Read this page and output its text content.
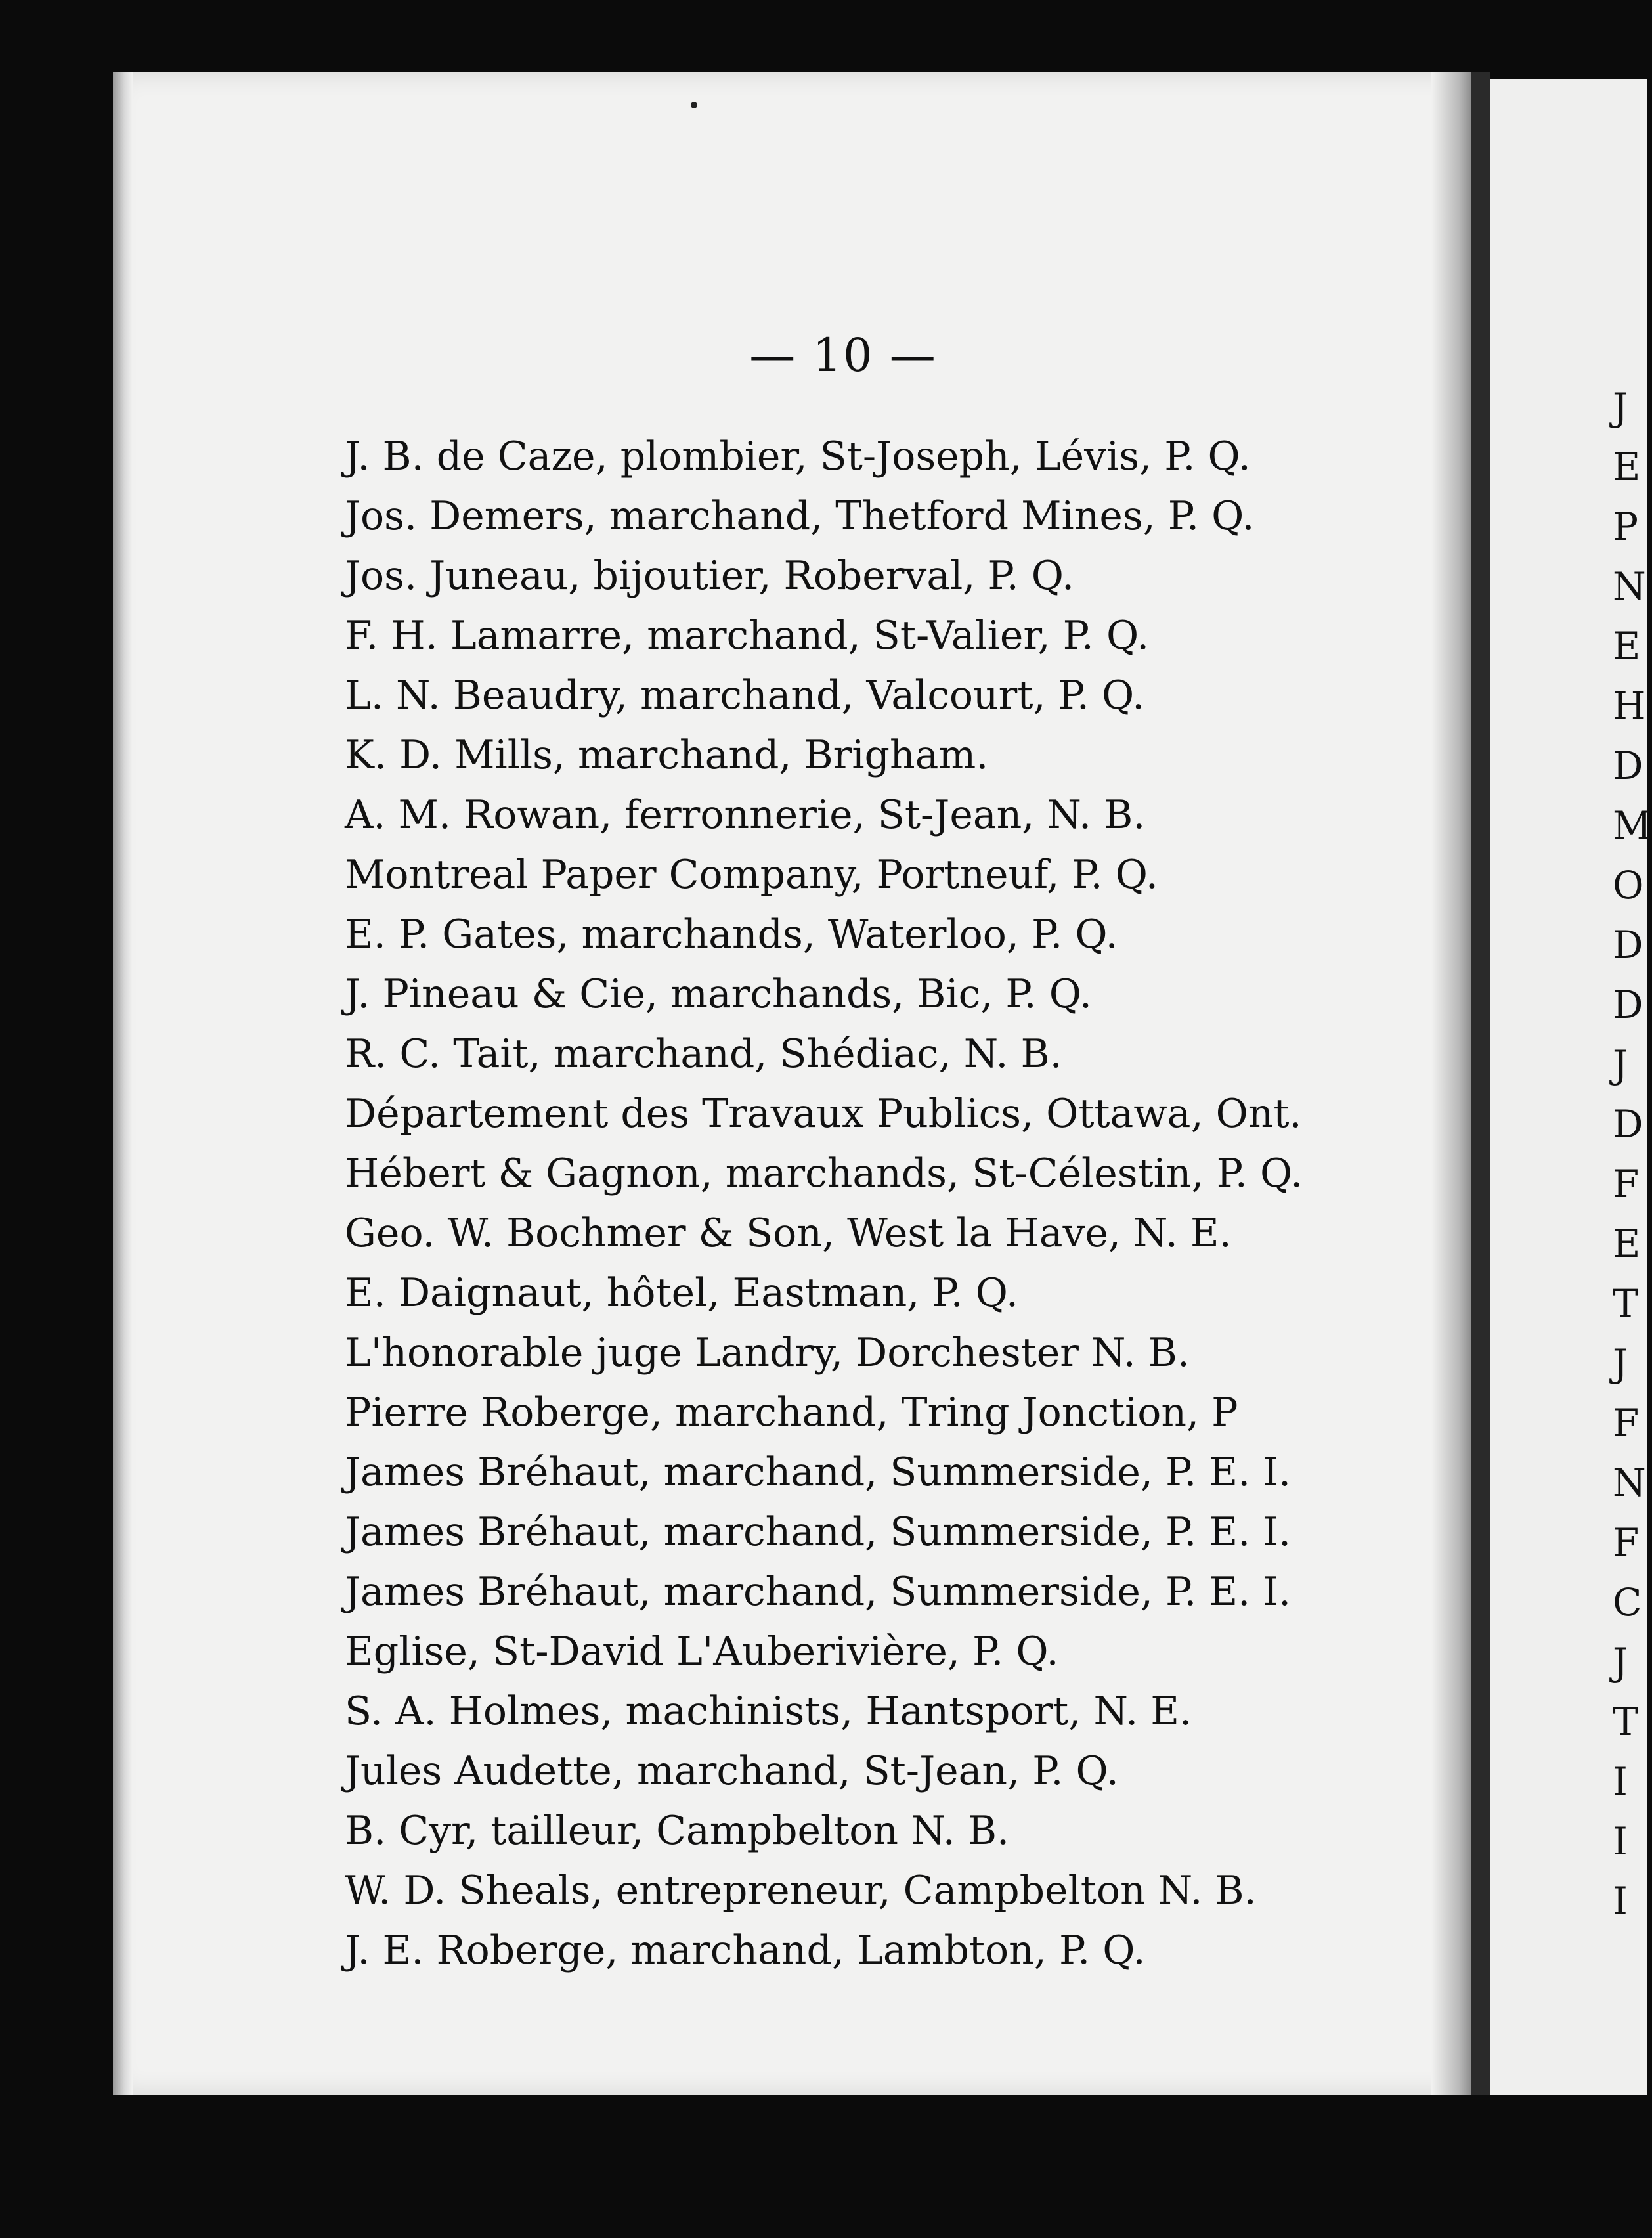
— 10 —
J. B. de Caze, plombier, St-Joseph, Lévis, P. Q.
Jos. Demers, marchand, Thetford Mines, P. Q.
Jos. Juneau, bijoutier, Roberval, P. Q.
F. H. Lamarre, marchand, St-Valier, P. Q.
L. N. Beaudry, marchand, Valcourt, P. Q.
K. D. Mills, marchand, Brigham.
A. M. Rowan, ferronnerie, St-Jean, N. B.
Montreal Paper Company, Portneuf, P. Q.
E. P. Gates, marchands, Waterloo, P. Q.
J. Pineau & Cie, marchands, Bic, P. Q.
R. C. Tait, marchand, Shédiac, N. B.
Département des Travaux Publics, Ottawa, Ont.
Hébert & Gagnon, marchands, St-Célestin, P. Q.
Geo. W. Bochmer & Son, West la Have, N. E.
E. Daignaut, hôtel, Eastman, P. Q.
L'honorable juge Landry, Dorchester N. B.
Pierre Roberge, marchand, Tring Jonction, P
James Bréhaut, marchand, Summerside, P. E. I.
James Bréhaut, marchand, Summerside, P. E. I.
James Bréhaut, marchand, Summerside, P. E. I.
Eglise, St-David L'Auberivière, P. Q.
S. A. Holmes, machinists, Hantsport, N. E.
Jules Audette, marchand, St-Jean, P. Q.
B. Cyr, tailleur, Campbelton N. B.
W. D. Sheals, entrepreneur, Campbelton N. B.
J. E. Roberge, marchand, Lambton, P. Q.
J
E
P
N
E
H
D
M
O
D
D
J
D
F
E
T
J
F
N
F
C
J
T
I
I
I
